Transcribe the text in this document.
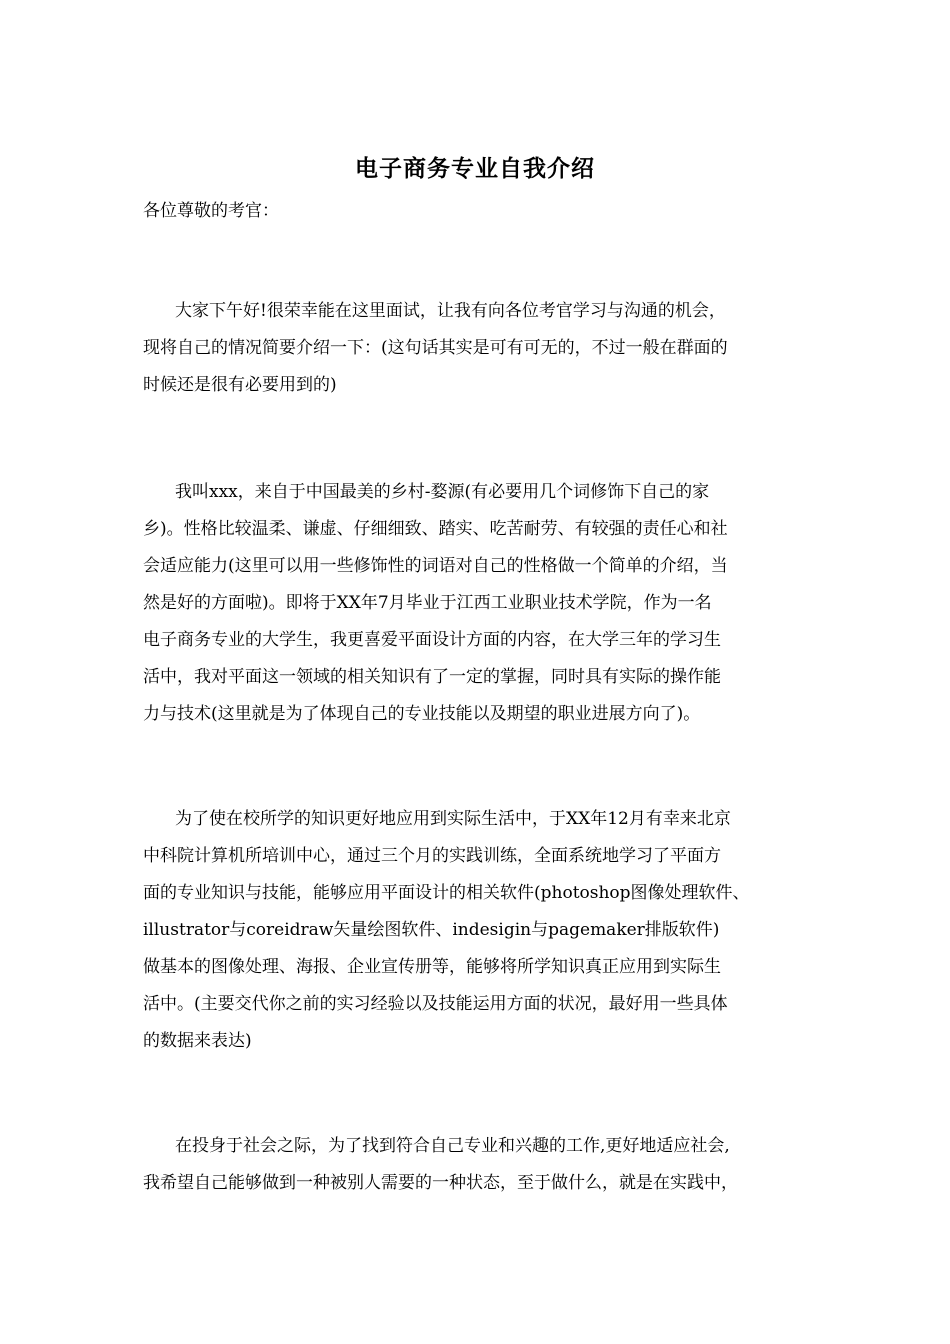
电子商务专业自我介绍
各位尊敬的考官：
大家下午好!很荣幸能在这里面试，让我有向各位考官学习与沟通的机会，
现将自己的情况简要介绍一下：(这句话其实是可有可无的，不过一般在群面的
时候还是很有必要用到的)
我叫xxx，来自于中国最美的乡村-婺源(有必要用几个词修饰下自己的家
乡)。性格比较温柔、谦虚、仔细细致、踏实、吃苦耐劳、有较强的责任心和社
会适应能力(这里可以用一些修饰性的词语对自己的性格做一个简单的介绍，当
然是好的方面啦)。即将于XX年7月毕业于江西工业职业技术学院，作为一名
电子商务专业的大学生，我更喜爱平面设计方面的内容，在大学三年的学习生
活中，我对平面这一领域的相关知识有了一定的掌握，同时具有实际的操作能
力与技术(这里就是为了体现自己的专业技能以及期望的职业进展方向了)。
为了使在校所学的知识更好地应用到实际生活中，于XX年12月有幸来北京
中科院计算机所培训中心，通过三个月的实践训练，全面系统地学习了平面方
面的专业知识与技能，能够应用平面设计的相关软件(photoshop图像处理软件、
illustrator与coreidraw矢量绘图软件、indesigin与pagemaker排版软件)
做基本的图像处理、海报、企业宣传册等，能够将所学知识真正应用到实际生
活中。(主要交代你之前的实习经验以及技能运用方面的状况，最好用一些具体
的数据来表达)
在投身于社会之际，为了找到符合自己专业和兴趣的工作,更好地适应社会,
我希望自己能够做到一种被别人需要的一种状态，至于做什么，就是在实践中，
